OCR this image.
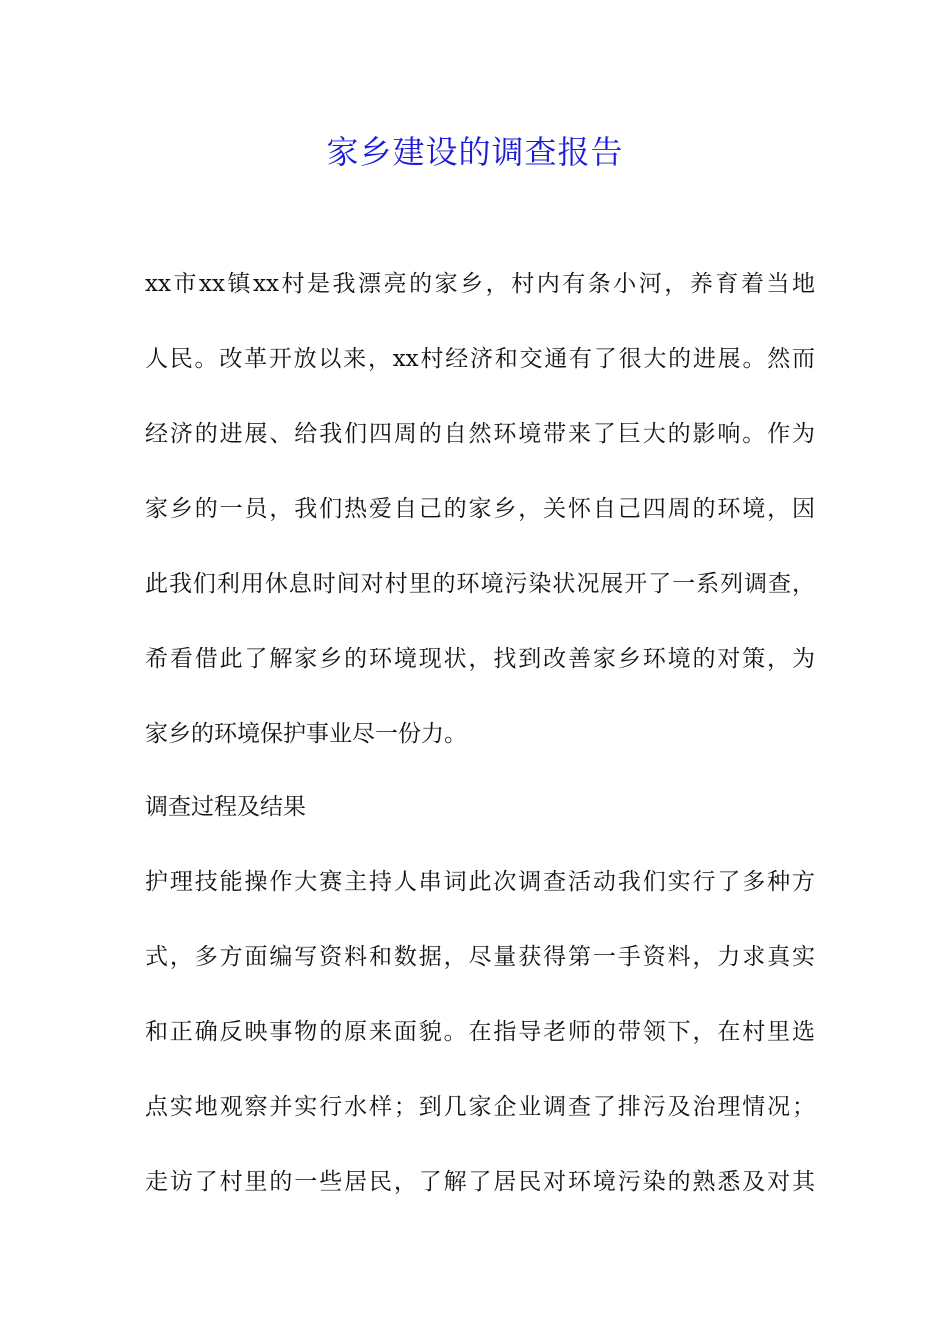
家乡建设的调查报告
xx市xx镇xx村是我漂亮的家乡，村内有条小河，养育着当地
人民。改革开放以来，xx村经济和交通有了很大的进展。然而
经济的进展、给我们四周的自然环境带来了巨大的影响。作为
家乡的一员，我们热爱自己的家乡，关怀自己四周的环境，因
此我们利用休息时间对村里的环境污染状况展开了一系列调查，
希看借此了解家乡的环境现状，找到改善家乡环境的对策，为
家乡的环境保护事业尽一份力。
调查过程及结果
护理技能操作大赛主持人串词此次调查活动我们实行了多种方
式，多方面编写资料和数据，尽量获得第一手资料，力求真实
和正确反映事物的原来面貌。在指导老师的带领下，在村里选
点实地观察并实行水样；到几家企业调查了排污及治理情况；
走访了村里的一些居民，了解了居民对环境污染的熟悉及对其
